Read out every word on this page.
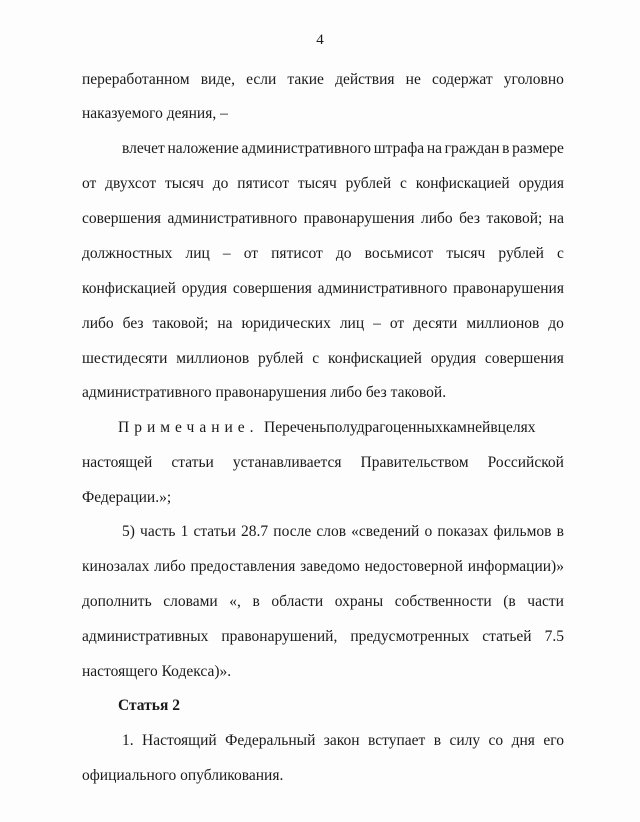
4
переработанном виде, если такие действия не содержат уголовно
наказуемого деяния, –
влечет наложение административного штрафа на граждан в размере
от двухсот тысяч до пятисот тысяч рублей с конфискацией орудия
совершения административного правонарушения либо без таковой; на
должностных лиц – от пятисот до восьмисот тысяч рублей с
конфискацией орудия совершения административного правонарушения
либо без таковой; на юридических лиц – от десяти миллионов до
шестидесяти миллионов рублей с конфискацией орудия совершения
административного правонарушения либо без таковой.
Примечание. Переченьполудрагоценныхкамнейвцелях
настоящей статьи устанавливается Правительством Российской
Федерации.»;
5) часть 1 статьи 28.7 после слов «сведений о показах фильмов в
кинозалах либо предоставления заведомо недостоверной информации)»
дополнить словами «, в области охраны собственности (в части
административных правонарушений, предусмотренных статьей 7.5
настоящего Кодекса)».
Статья 2
1. Настоящий Федеральный закон вступает в силу со дня его
официального опубликования.
